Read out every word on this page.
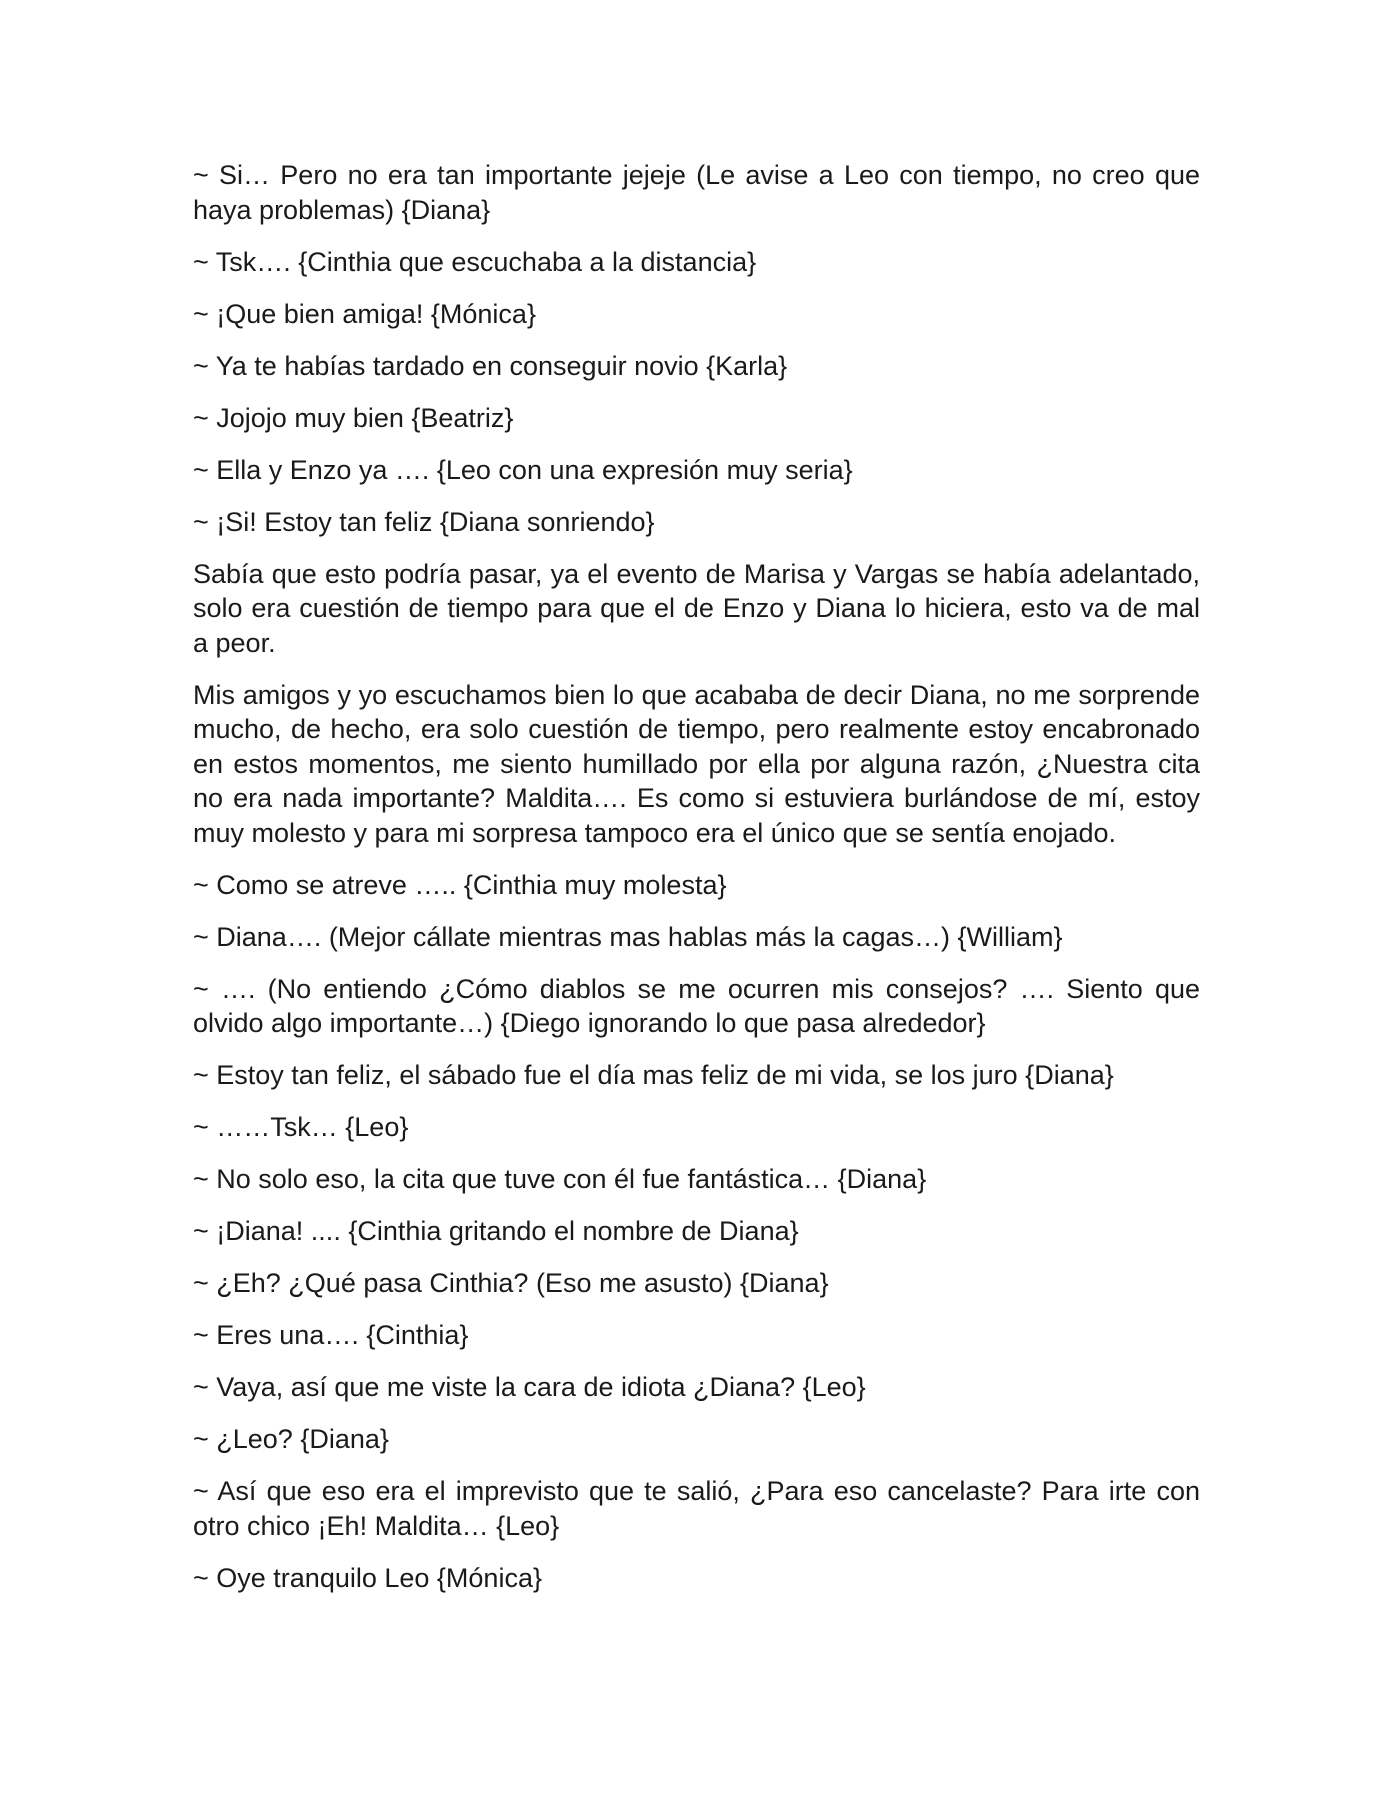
~ Si… Pero no era tan importante jejeje (Le avise a Leo con tiempo, no creo que haya problemas) {Diana}

~ Tsk…. {Cinthia que escuchaba a la distancia}

~ ¡Que bien amiga! {Mónica}

~ Ya te habías tardado en conseguir novio {Karla}

~ Jojojo muy bien {Beatriz}

~ Ella y Enzo ya …. {Leo con una expresión muy seria}

~ ¡Si! Estoy tan feliz {Diana sonriendo}

Sabía que esto podría pasar, ya el evento de Marisa y Vargas se había adelantado, solo era cuestión de tiempo para que el de Enzo y Diana lo hiciera, esto va de mal a peor.

Mis amigos y yo escuchamos bien lo que acababa de decir Diana, no me sorprende mucho, de hecho, era solo cuestión de tiempo, pero realmente estoy encabronado en estos momentos, me siento humillado por ella por alguna razón, ¿Nuestra cita no era nada importante? Maldita…. Es como si estuviera burlándose de mí, estoy muy molesto y para mi sorpresa tampoco era el único que se sentía enojado.

~ Como se atreve ….. {Cinthia muy molesta}

~ Diana…. (Mejor cállate mientras mas hablas más la cagas…) {William}

~ …. (No entiendo ¿Cómo diablos se me ocurren mis consejos? …. Siento que olvido algo importante…) {Diego ignorando lo que pasa alrededor}

~ Estoy tan feliz, el sábado fue el día mas feliz de mi vida, se los juro {Diana}

~ ……Tsk… {Leo}

~ No solo eso, la cita que tuve con él fue fantástica… {Diana}

~ ¡Diana! .... {Cinthia gritando el nombre de Diana}

~ ¿Eh? ¿Qué pasa Cinthia? (Eso me asusto) {Diana}

~ Eres una…. {Cinthia}

~ Vaya, así que me viste la cara de idiota ¿Diana? {Leo}

~ ¿Leo? {Diana}

~ Así que eso era el imprevisto que te salió, ¿Para eso cancelaste? Para irte con otro chico ¡Eh! Maldita… {Leo}

~ Oye tranquilo Leo {Mónica}
